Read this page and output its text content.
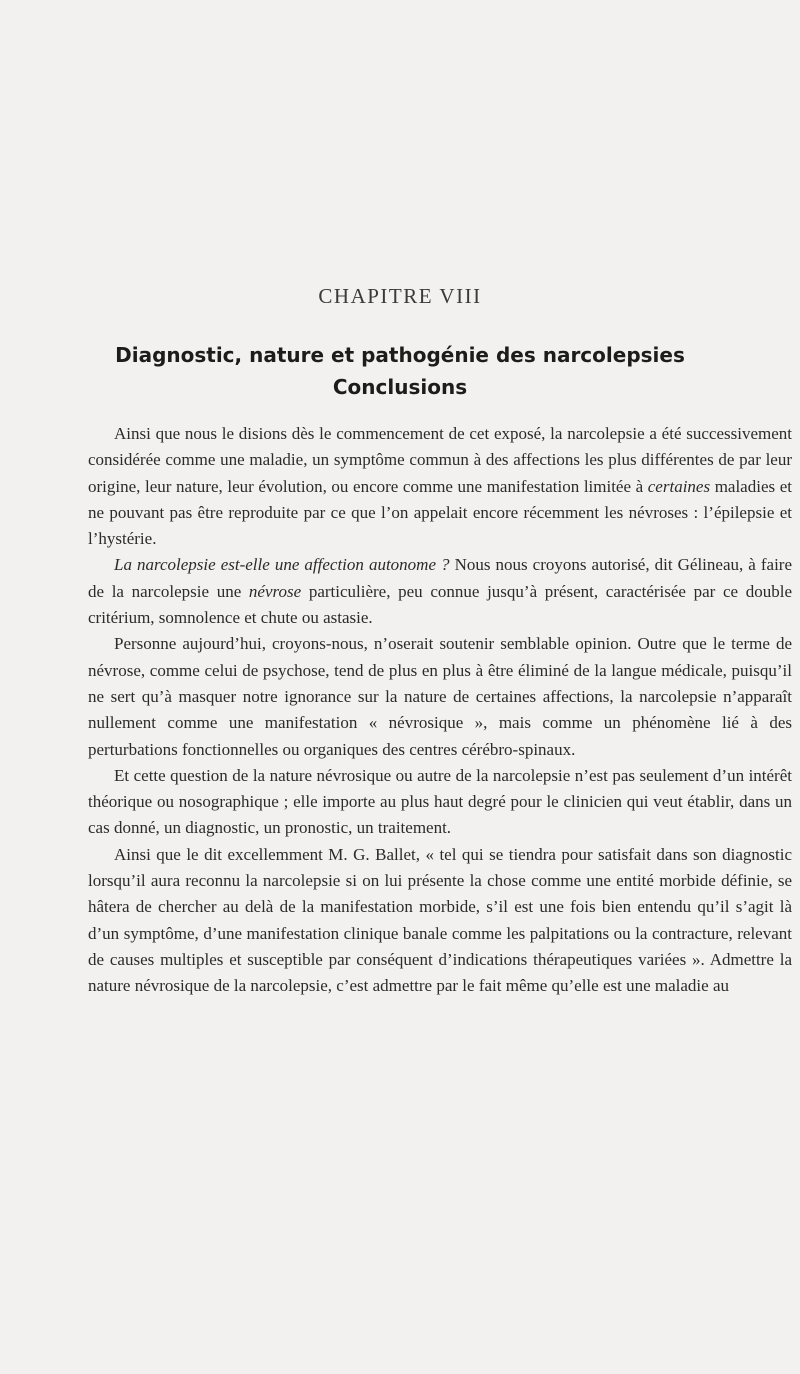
CHAPITRE VIII
Diagnostic, nature et pathogénie des narcolepsies
Conclusions

Ainsi que nous le disions dès le commencement de cet exposé, la narcolepsie a été successivement considérée comme une maladie, un symptôme commun à des affections les plus différentes de par leur origine, leur nature, leur évolution, ou encore comme une manifestation limitée à certaines maladies et ne pouvant pas être reproduite par ce que l’on appelait encore récemment les névroses : l’épilepsie et l’hystérie.

La narcolepsie est-elle une affection autonome ? Nous nous croyons autorisé, dit Gélineau, à faire de la narcolepsie une névrose particulière, peu connue jusqu’à présent, caractérisée par ce double critérium, somnolence et chute ou astasie.

Personne aujourd’hui, croyons-nous, n’oserait soutenir semblable opinion. Outre que le terme de névrose, comme celui de psychose, tend de plus en plus à être éliminé de la langue médicale, puisqu’il ne sert qu’à masquer notre ignorance sur la nature de certaines affections, la narcolepsie n’apparaît nullement comme une manifestation « névrosique », mais comme un phénomène lié à des perturbations fonctionnelles ou organiques des centres cérébro-spinaux.

Et cette question de la nature névrosique ou autre de la narcolepsie n’est pas seulement d’un intérêt théorique ou nosographique ; elle importe au plus haut degré pour le clinicien qui veut établir, dans un cas donné, un diagnostic, un pronostic, un traitement.

Ainsi que le dit excellemment M. G. Ballet, « tel qui se tiendra pour satisfait dans son diagnostic lorsqu’il aura reconnu la narcolepsie si on lui présente la chose comme une entité morbide définie, se hâtera de chercher au delà de la manifestation morbide, s’il est une fois bien entendu qu’il s’agit là d’un symptôme, d’une manifestation clinique banale comme les palpitations ou la contracture, relevant de causes multiples et susceptible par conséquent d’indications thérapeutiques variées ». Admettre la nature névrosique de la narcolepsie, c’est admettre par le fait même qu’elle est une maladie au
